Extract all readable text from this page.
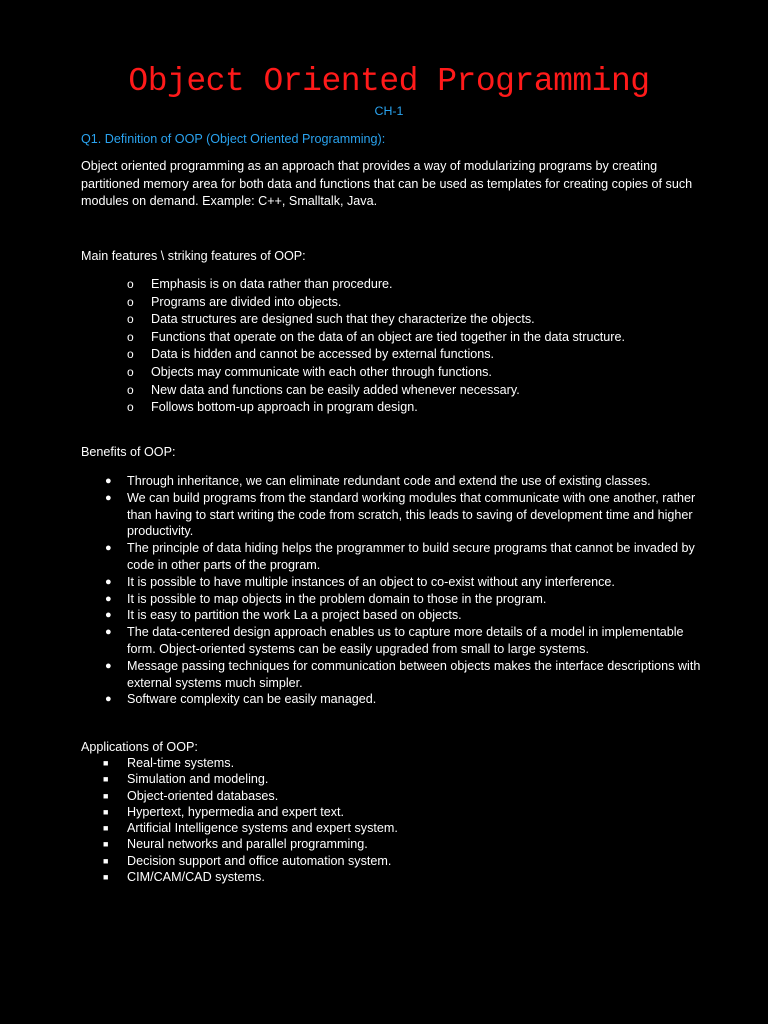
Object Oriented Programming
CH-1
Q1. Definition of OOP (Object Oriented Programming):
Object oriented programming as an approach that provides a way of modularizing programs by creating partitioned memory area for both data and functions that can be used as templates for creating copies of such modules on demand. Example: C++, Smalltalk, Java.
Main features \ striking features of OOP:
o Emphasis is on data rather than procedure.
o Programs are divided into objects.
o Data structures are designed such that they characterize the objects.
o Functions that operate on the data of an object are tied together in the data structure.
o Data is hidden and cannot be accessed by external functions.
o Objects may communicate with each other through functions.
o New data and functions can be easily added whenever necessary.
o Follows bottom-up approach in program design.
Benefits of OOP:
● Through inheritance, we can eliminate redundant code and extend the use of existing classes.
● We can build programs from the standard working modules that communicate with one another, rather than having to start writing the code from scratch, this leads to saving of development time and higher productivity.
● The principle of data hiding helps the programmer to build secure programs that cannot be invaded by code in other parts of the program.
● It is possible to have multiple instances of an object to co-exist without any interference.
● It is possible to map objects in the problem domain to those in the program.
● It is easy to partition the work La a project based on objects.
● The data-centered design approach enables us to capture more details of a model in implementable form. Object-oriented systems can be easily upgraded from small to large systems.
● Message passing techniques for communication between objects makes the interface descriptions with external systems much simpler.
● Software complexity can be easily managed.
Applications of OOP:
■ Real-time systems.
■ Simulation and modeling.
■ Object-oriented databases.
■ Hypertext, hypermedia and expert text.
■ Artificial Intelligence systems and expert system.
■ Neural networks and parallel programming.
■ Decision support and office automation system.
■ CIM/CAM/CAD systems.
